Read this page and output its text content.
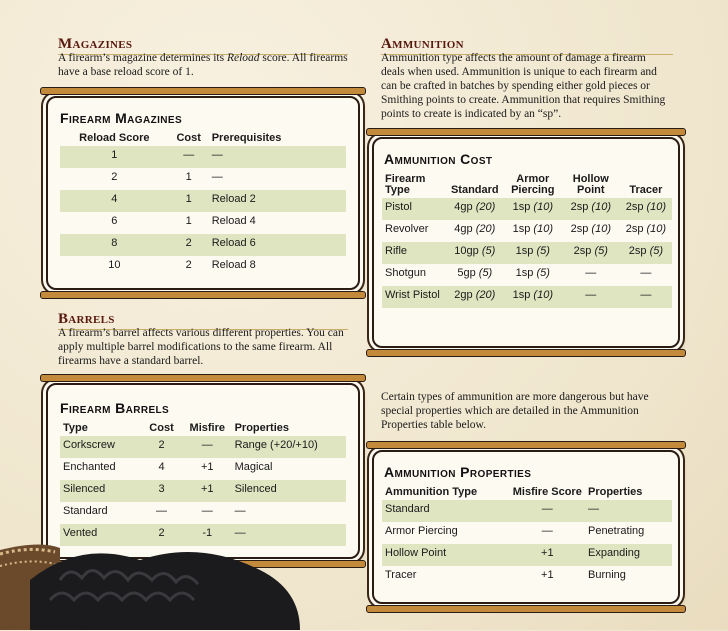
Magazines
A firearm’s magazine determines its Reload score. All firearms have a base reload score of 1.
Firearm Magazines
Reload Score	Cost	Prerequisites
1	—	—
2	1	—
4	1	Reload 2
6	1	Reload 4
8	2	Reload 6
10	2	Reload 8
Barrels
A firearm’s barrel affects various different properties. You can apply multiple barrel modifications to the same firearm. All firearms have a standard barrel.
Firearm Barrels
Type	Cost	Misfire	Properties
Corkscrew	2	—	Range (+20/+10)
Enchanted	4	+1	Magical
Silenced	3	+1	Silenced
Standard	—	—	—
Vented	2	-1	—
Ammunition
Ammunition type affects the amount of damage a firearm deals when used. Ammunition is unique to each firearm and can be crafted in batches by spending either gold pieces or Smithing points to create. Ammunition that requires Smithing points to create is indicated by an “sp”.
Ammunition Cost
Firearm Type	Standard	Armor Piercing	Hollow Point	Tracer
Pistol	4gp (20)	1sp (10)	2sp (10)	2sp (10)
Revolver	4gp (20)	1sp (10)	2sp (10)	2sp (10)
Rifle	10gp (5)	1sp (5)	2sp (5)	2sp (5)
Shotgun	5gp (5)	1sp (5)	—	—
Wrist Pistol	2gp (20)	1sp (10)	—	—
Certain types of ammunition are more dangerous but have special properties which are detailed in the Ammunition Properties table below.
Ammunition Properties
Ammunition Type	Misfire Score	Properties
Standard	—	—
Armor Piercing	—	Penetrating
Hollow Point	+1	Expanding
Tracer	+1	Burning
